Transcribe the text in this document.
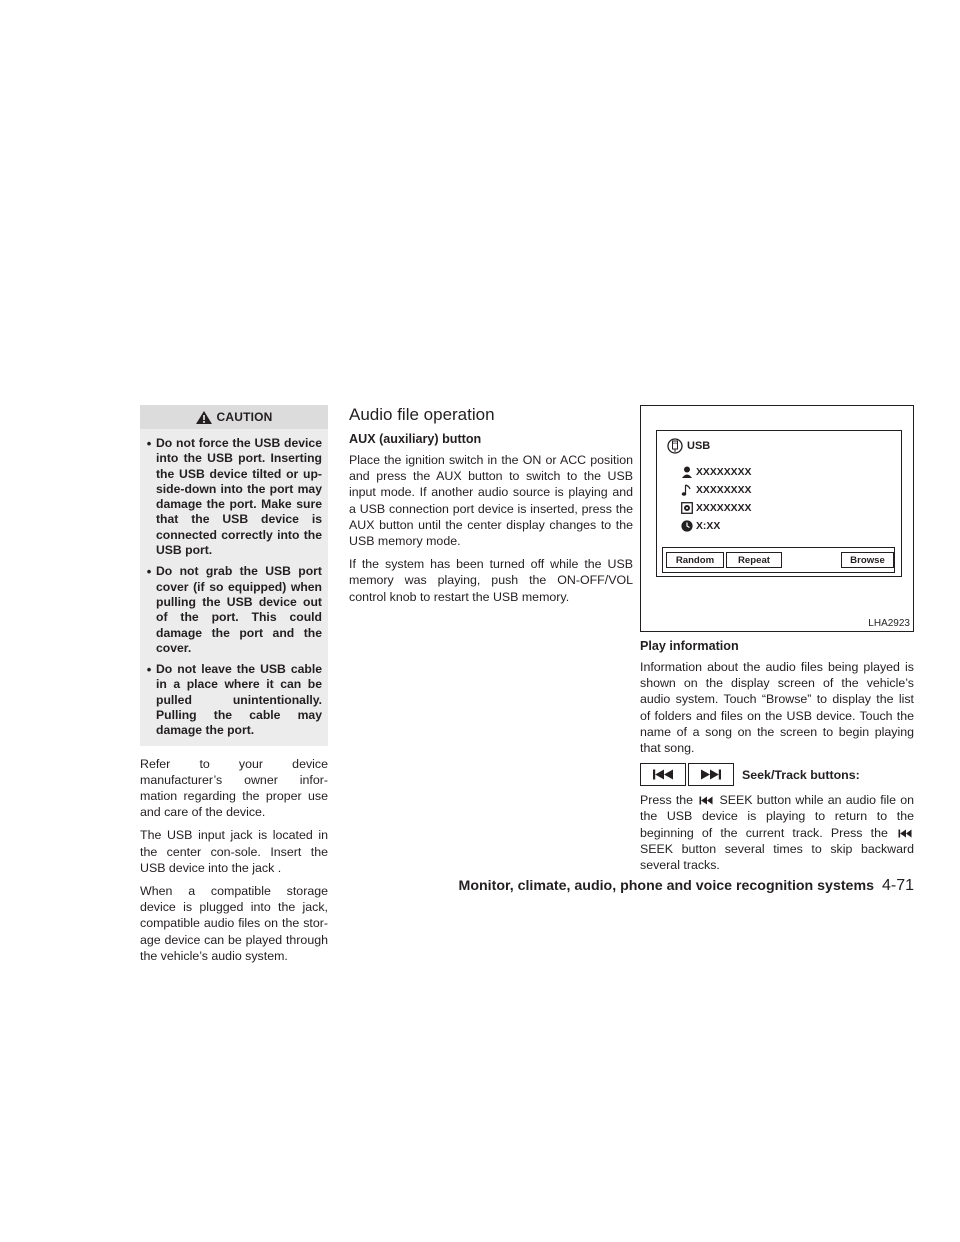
CAUTION
• Do not force the USB device into the USB port. Inserting the USB device tilted or up-side-down into the port may damage the port. Make sure that the USB device is connected correctly into the USB port.
• Do not grab the USB port cover (if so equipped) when pulling the USB device out of the port. This could damage the port and the cover.
• Do not leave the USB cable in a place where it can be pulled unintentionally. Pulling the cable may damage the port.

Refer to your device manufacturer’s owner infor-mation regarding the proper use and care of the device.

The USB input jack is located in the center con-sole. Insert the USB device into the jack .

When a compatible storage device is plugged into the jack, compatible audio files on the stor-age device can be played through the vehicle’s audio system.

Audio file operation
AUX (auxiliary) button

Place the ignition switch in the ON or ACC position and press the AUX button to switch to the USB input mode. If another audio source is playing and a USB connection port device is inserted, press the AUX button until the center display changes to the USB memory mode.

If the system has been turned off while the USB memory was playing, push the ON-OFF/VOL control knob to restart the USB memory.

USB
XXXXXXXX
XXXXXXXX
XXXXXXXX
X:XX
Random	Repeat	Browse
LHA2923
Play information

Information about the audio files being played is shown on the display screen of the vehicle’s audio system. Touch “Browse” to display the list of folders and files on the USB device. Touch the name of a song on the screen to begin playing that song.

Seek/Track buttons:

Press the SEEK button while an audio file on the USB device is playing to return to the beginning of the current track. Press the  SEEK button several times to skip backward several tracks.

Monitor, climate, audio, phone and voice recognition systems 4-71
